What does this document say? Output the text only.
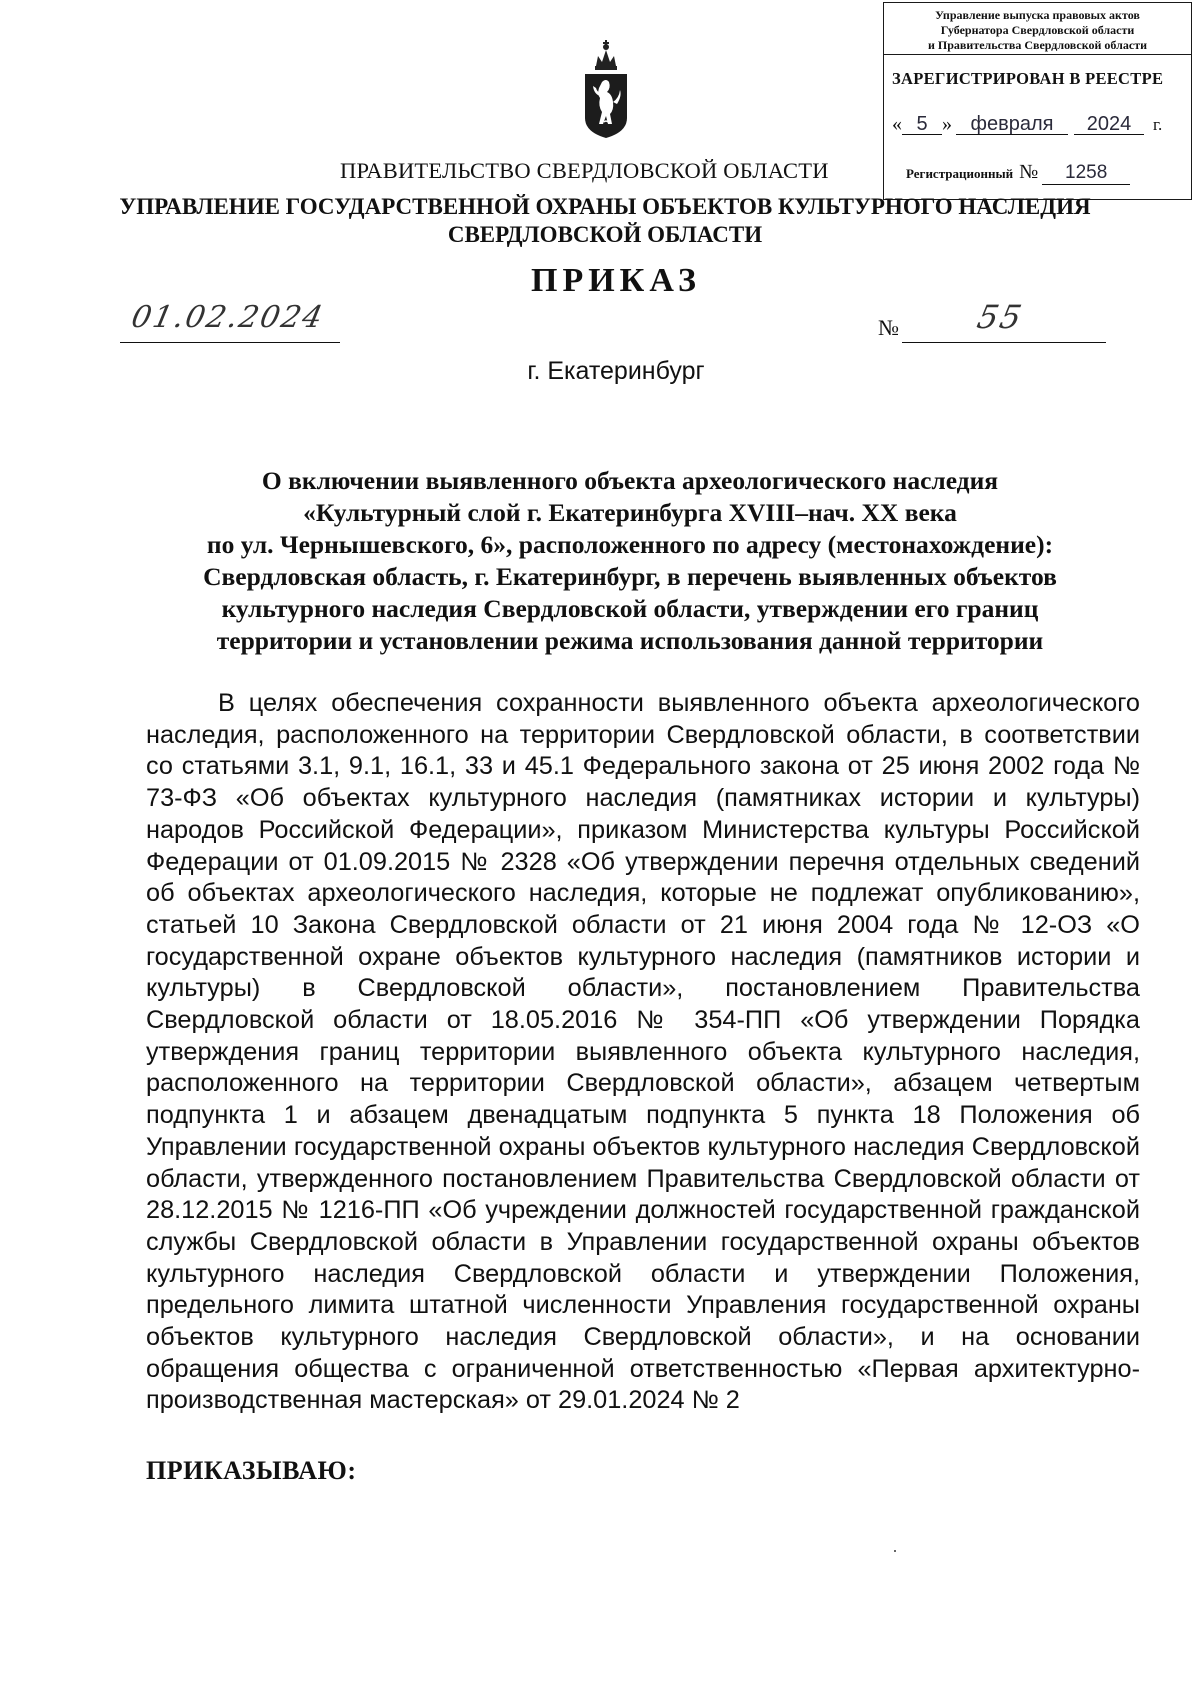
Управление выпуска правовых актов
Губернатора Свердловской области
и Правительства Свердловской области
ЗАРЕГИСТРИРОВАН В РЕЕСТРЕ
« 5 » февраля 2024 г.
Регистрационный № 1258
ПРАВИТЕЛЬСТВО СВЕРДЛОВСКОЙ ОБЛАСТИ
УПРАВЛЕНИЕ ГОСУДАРСТВЕННОЙ ОХРАНЫ ОБЪЕКТОВ КУЛЬТУРНОГО НАСЛЕДИЯ СВЕРДЛОВСКОЙ ОБЛАСТИ
ПРИКАЗ
01.02.2024	№ 55
г. Екатеринбург
О включении выявленного объекта археологического наследия
«Культурный слой г. Екатеринбурга XVIII–нач. XX века
по ул. Чернышевского, 6», расположенного по адресу (местонахождение):
Свердловская область, г. Екатеринбург, в перечень выявленных объектов
культурного наследия Свердловской области, утверждении его границ
территории и установлении режима использования данной территории

В целях обеспечения сохранности выявленного объекта археологического наследия, расположенного на территории Свердловской области, в соответствии со статьями 3.1, 9.1, 16.1, 33 и 45.1 Федерального закона от 25 июня 2002 года № 73-ФЗ «Об объектах культурного наследия (памятниках истории и культуры) народов Российской Федерации», приказом Министерства культуры Российской Федерации от 01.09.2015 № 2328 «Об утверждении перечня отдельных сведений об объектах археологического наследия, которые не подлежат опубликованию», статьей 10 Закона Свердловской области от 21 июня 2004 года № 12-ОЗ «О государственной охране объектов культурного наследия (памятников истории и культуры) в Свердловской области», постановлением Правительства Свердловской области от 18.05.2016 № 354-ПП «Об утверждении Порядка утверждения границ территории выявленного объекта культурного наследия, расположенного на территории Свердловской области», абзацем четвертым подпункта 1 и абзацем двенадцатым подпункта 5 пункта 18 Положения об Управлении государственной охраны объектов культурного наследия Свердловской области, утвержденного постановлением Правительства Свердловской области от 28.12.2015 № 1216-ПП «Об учреждении должностей государственной гражданской службы Свердловской области в Управлении государственной охраны объектов культурного наследия Свердловской области и утверждении Положения, предельного лимита штатной численности Управления государственной охраны объектов культурного наследия Свердловской области», и на основании обращения общества с ограниченной ответственностью «Первая архитектурно-производственная мастерская» от 29.01.2024 № 2

ПРИКАЗЫВАЮ:
